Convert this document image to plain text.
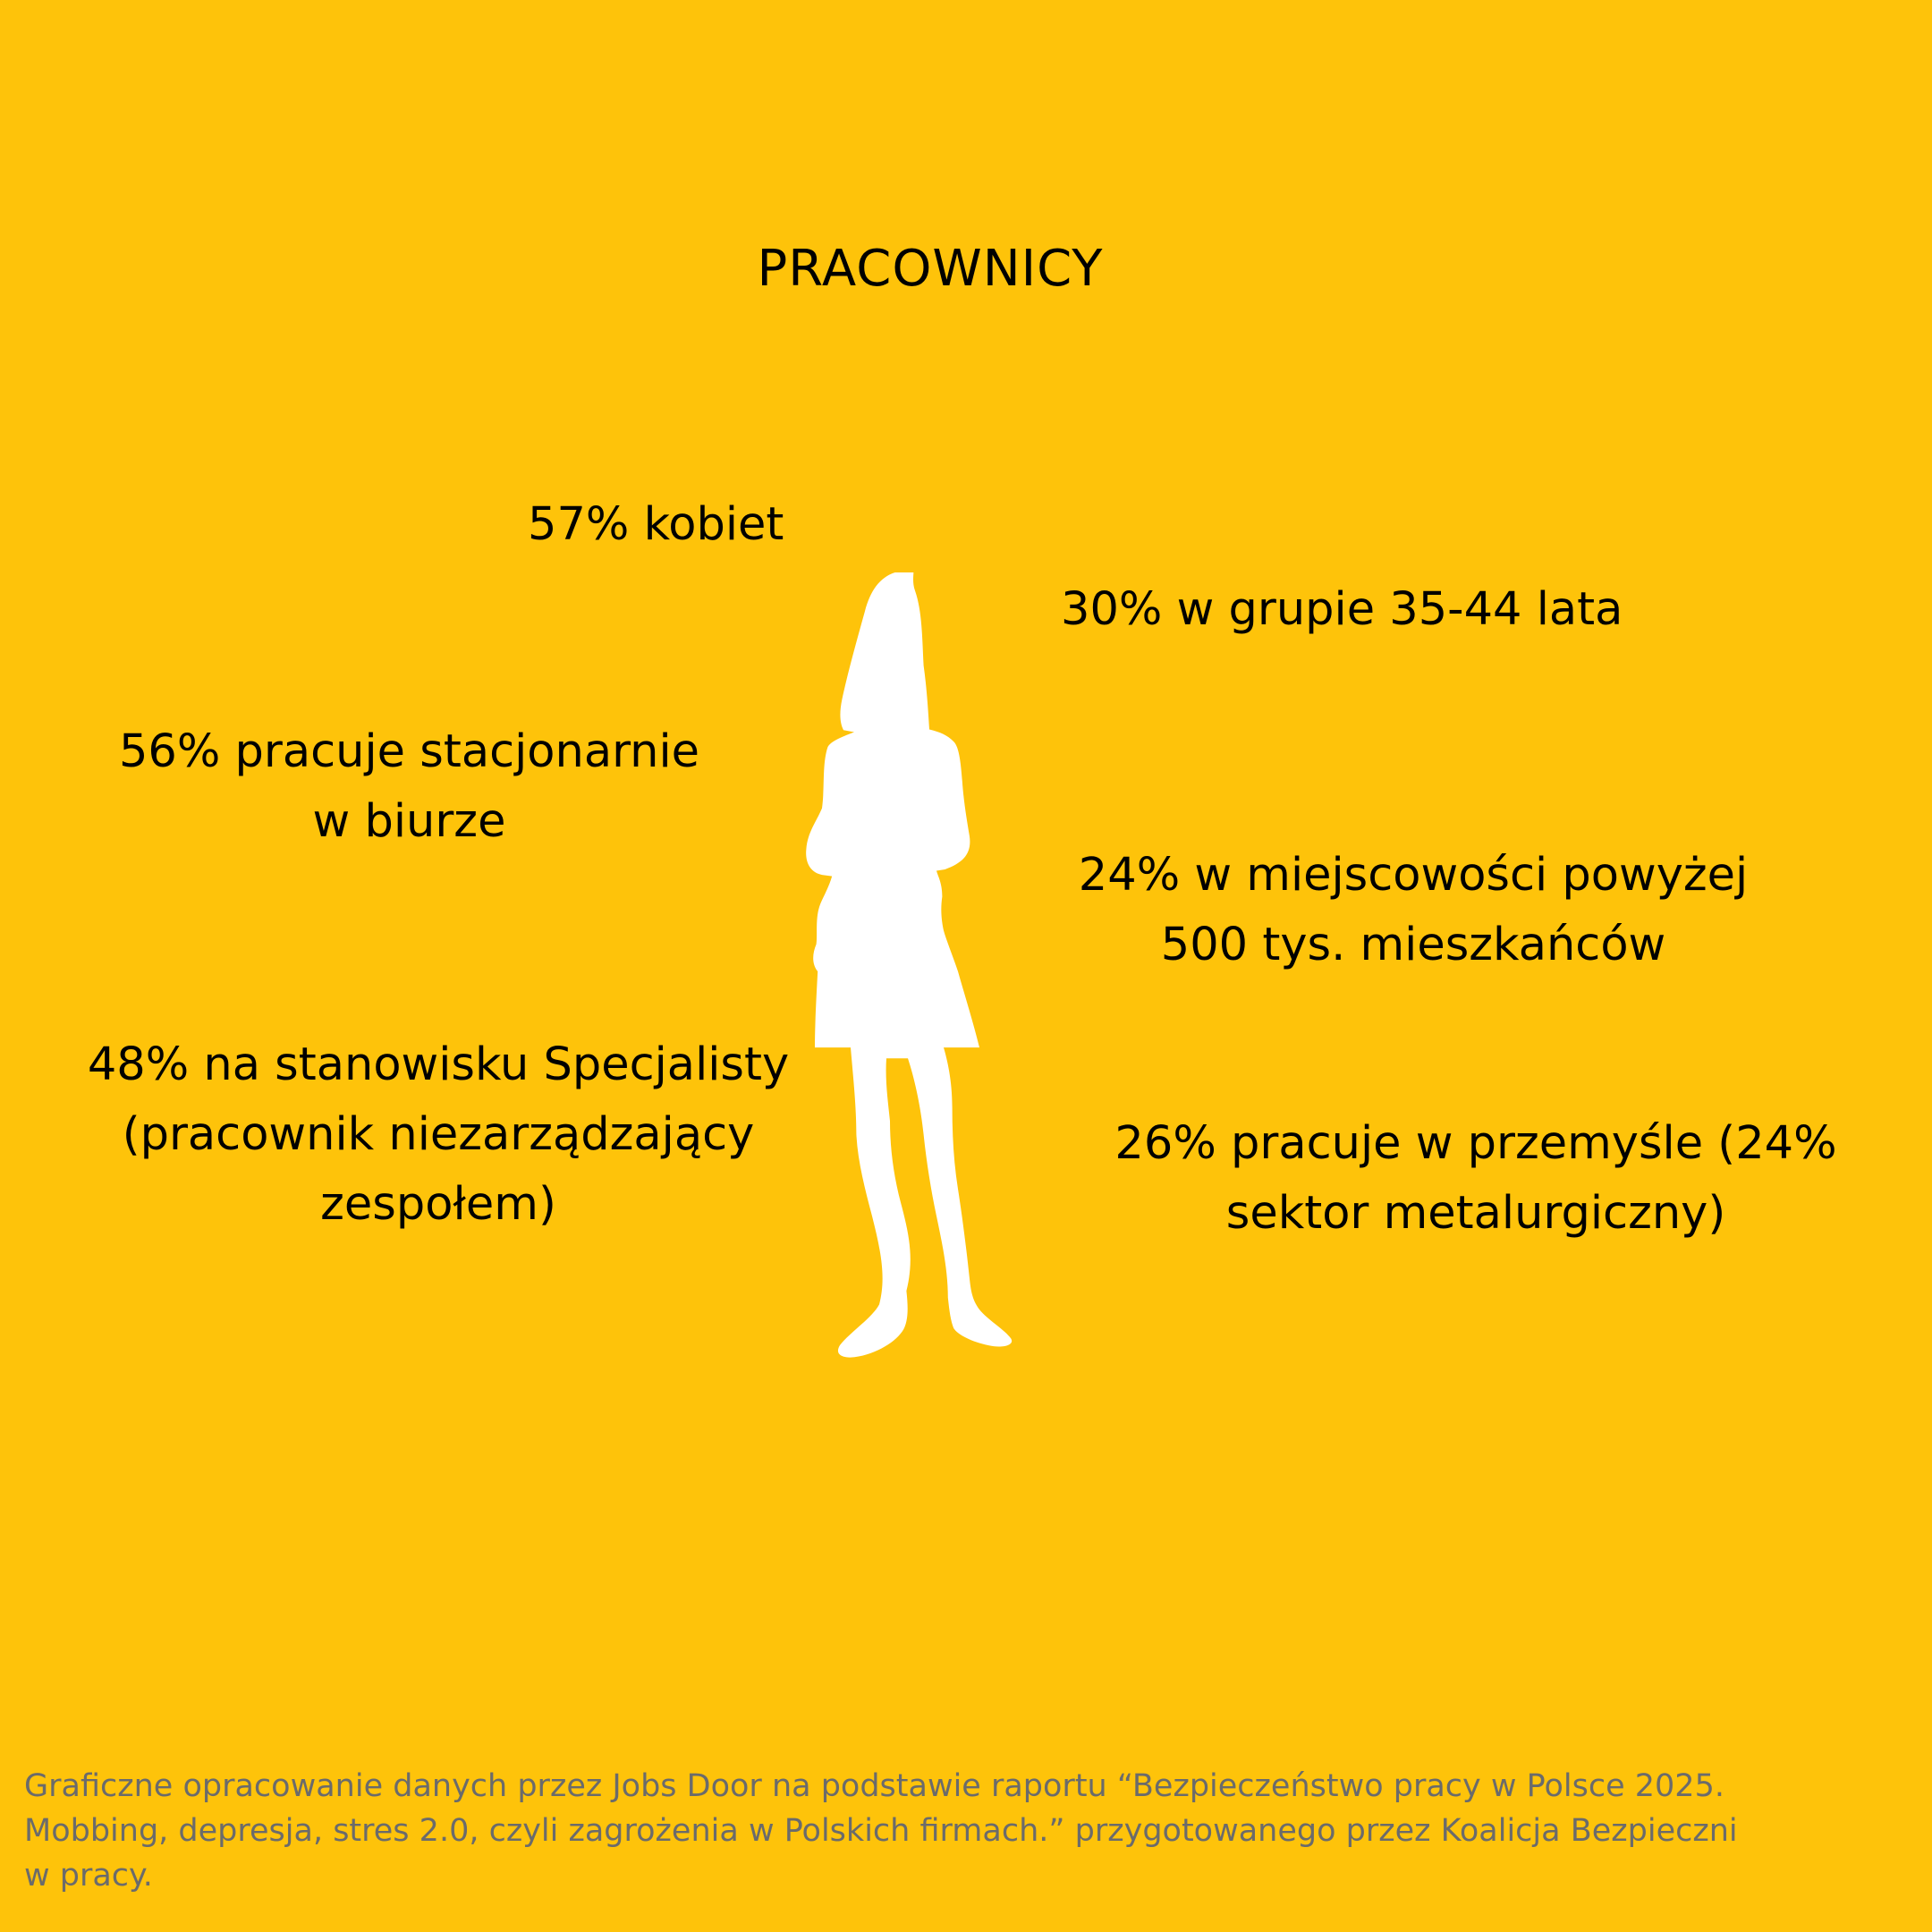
PRACOWNICY
57% kobiet
30% w grupie 35-44 lata
56% pracuje stacjonarnie
w biurze
24% w miejscowości powyżej
500 tys. mieszkańców
48% na stanowisku Specjalisty
(pracownik niezarządzający
zespołem)
26% pracuje w przemyśle (24%
sektor metalurgiczny)
Graficzne opracowanie danych przez Jobs Door na podstawie raportu “Bezpieczeństwo pracy w Polsce 2025.
Mobbing, depresja, stres 2.0, czyli zagrożenia w Polskich firmach.” przygotowanego przez Koalicja Bezpieczni
w pracy.
